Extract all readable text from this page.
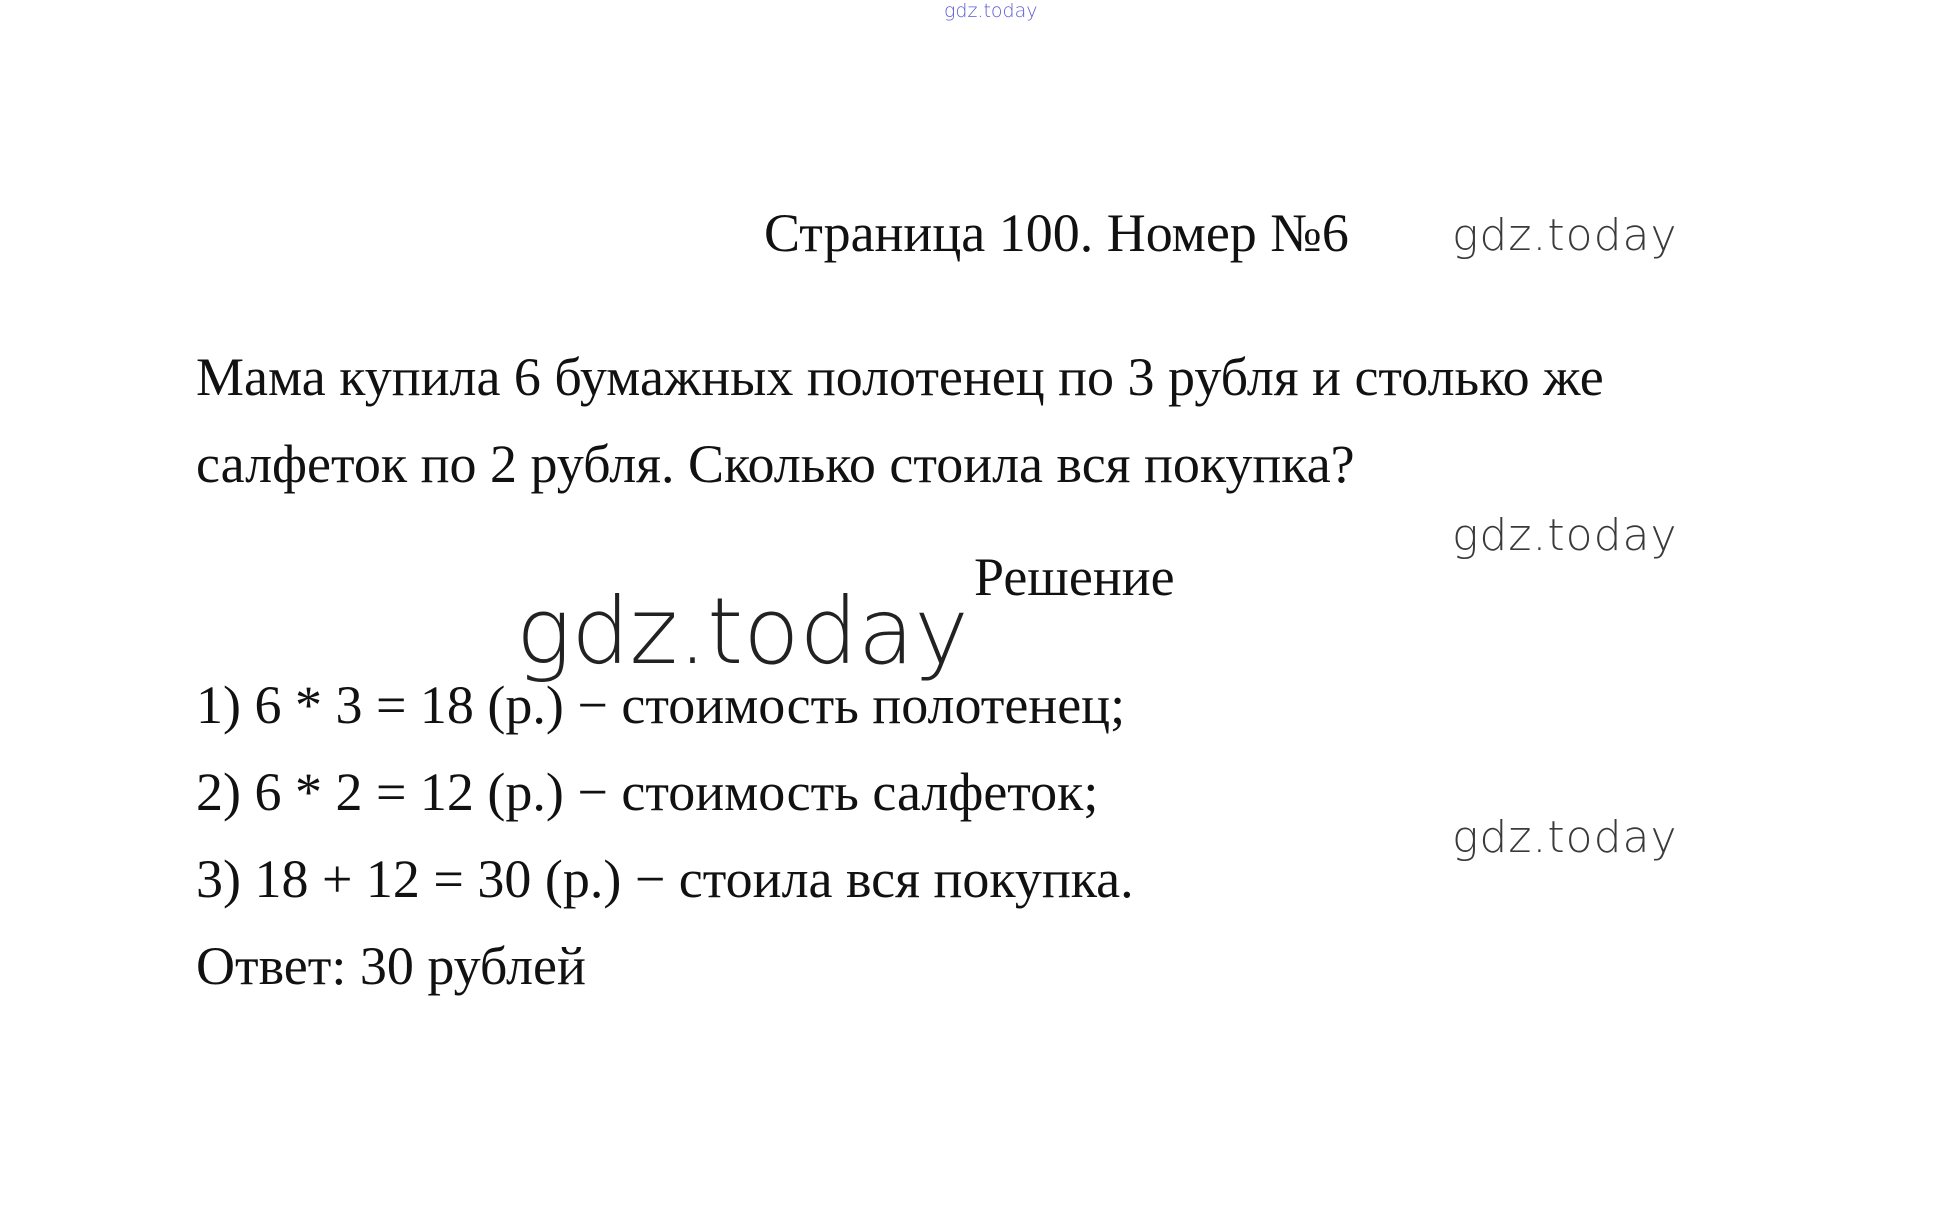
gdz.today
Страница 100. Номер №6 gdz.today

Мама купила 6 бумажных полотенец по 3 рубля и столько же

салфеток по 2 рубля. Сколько стоила вся покупка?

gdz.today
Решение
gdz.today
1) 6 * 3 = 18 (р.) − стоимость полотенец;
2) 6 * 2 = 12 (р.) − стоимость салфеток;
3) 18 + 12 = 30 (р.) − стоила вся покупка.
Ответ: 30 рублей
gdz.today
